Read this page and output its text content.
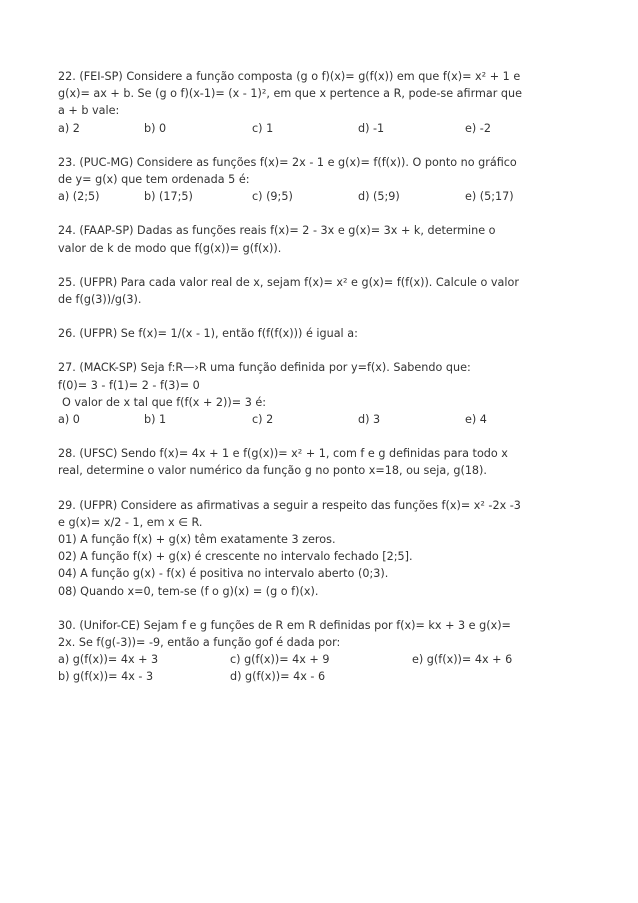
22. (FEI-SP) Considere a função composta (g o f)(x)= g(f(x)) em que f(x)= x² + 1 e
g(x)= ax + b. Se (g o f)(x-1)= (x - 1)², em que x pertence a R, pode-se afirmar que
a + b vale:
a) 2	b) 0	c) 1	d) -1	e) -2
23. (PUC-MG) Considere as funções f(x)= 2x - 1 e g(x)= f(f(x)). O ponto no gráfico
de y= g(x) que tem ordenada 5 é:
a) (2;5)	b) (17;5)	c) (9;5)	d) (5;9)	e) (5;17)
24. (FAAP-SP) Dadas as funções reais f(x)= 2 - 3x e g(x)= 3x + k, determine o
valor de k de modo que f(g(x))= g(f(x)).
25. (UFPR) Para cada valor real de x, sejam f(x)= x² e g(x)= f(f(x)). Calcule o valor
de f(g(3))/g(3).
26. (UFPR) Se f(x)= 1/(x - 1), então f(f(f(x))) é igual a:
27. (MACK-SP) Seja f:R—›R uma função definida por y=f(x). Sabendo que:
f(0)= 3 - f(1)= 2 - f(3)= 0
O valor de x tal que f(f(x + 2))= 3 é:
a) 0	b) 1	c) 2	d) 3	e) 4
28. (UFSC) Sendo f(x)= 4x + 1 e f(g(x))= x² + 1, com f e g definidas para todo x
real, determine o valor numérico da função g no ponto x=18, ou seja, g(18).
29. (UFPR) Considere as afirmativas a seguir a respeito das funções f(x)= x² -2x -3
e g(x)= x/2 - 1, em x ∈ R.
01) A função f(x) + g(x) têm exatamente 3 zeros.
02) A função f(x) + g(x) é crescente no intervalo fechado [2;5].
04) A função g(x) - f(x) é positiva no intervalo aberto (0;3).
08) Quando x=0, tem-se (f o g)(x) = (g o f)(x).
30. (Unifor-CE) Sejam f e g funções de R em R definidas por f(x)= kx + 3 e g(x)=
2x. Se f(g(-3))= -9, então a função gof é dada por:
a) g(f(x))= 4x + 3	c) g(f(x))= 4x + 9	e) g(f(x))= 4x + 6
b) g(f(x))= 4x - 3	d) g(f(x))= 4x - 6
